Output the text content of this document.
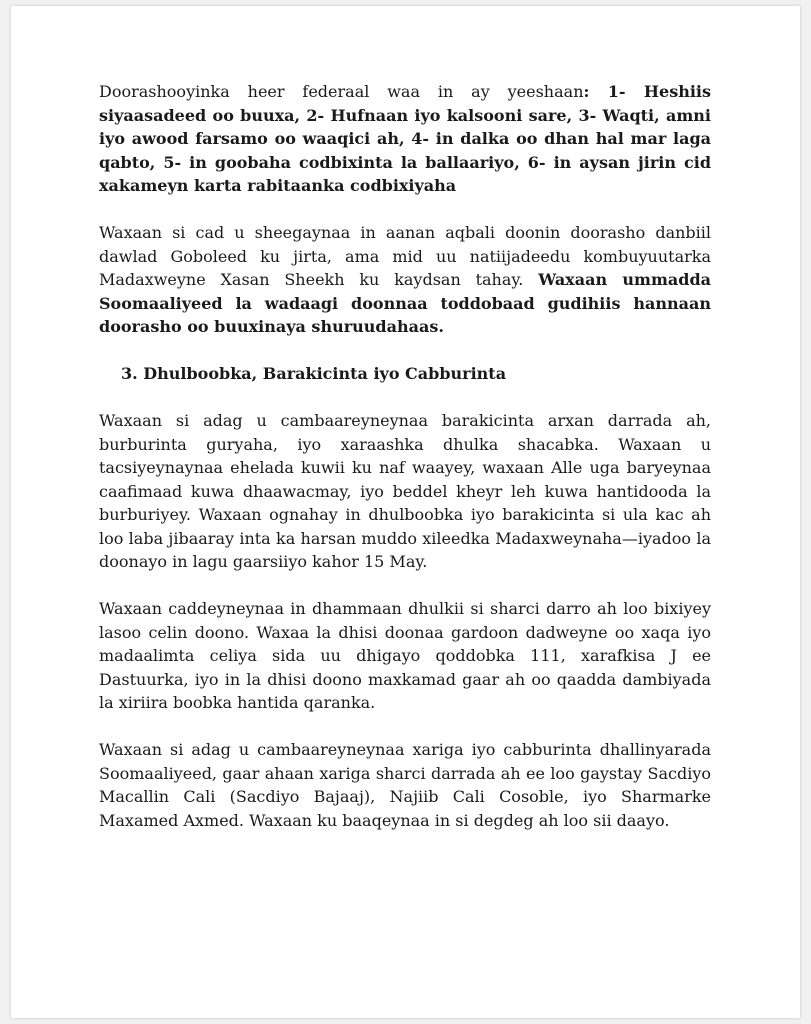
Doorashooyinka heer federaal waa in ay yeeshaan: 1- Heshiis siyaasadeed oo buuxa, 2- Hufnaan iyo kalsooni sare, 3- Waqti, amni iyo awood farsamo oo waaqici ah, 4- in dalka oo dhan hal mar laga qabto, 5- in goobaha codbixinta la ballaariyo, 6- in aysan jirin cid xakameyn karta rabitaanka codbixiyaha

Waxaan si cad u sheegaynaa in aanan aqbali doonin doorasho danbiil dawlad Goboleed ku jirta, ama mid uu natiijadeedu kombuyuutarka Madaxweyne Xasan Sheekh ku kaydsan tahay. Waxaan ummadda Soomaaliyeed la wadaagi doonnaa toddobaad gudihiis hannaan doorasho oo buuxinaya shuruudahaas.

3. Dhulboobka, Barakicinta iyo Cabburinta

Waxaan si adag u cambaareyneynaa barakicinta arxan darrada ah, burburinta guryaha, iyo xaraashka dhulka shacabka. Waxaan u tacsiyeynaynaa ehelada kuwii ku naf waayey, waxaan Alle uga baryeynaa caafimaad kuwa dhaawacmay, iyo beddel kheyr leh kuwa hantidooda la burburiyey. Waxaan ognahay in dhulboobka iyo barakicinta si ula kac ah loo laba jibaaray inta ka harsan muddo xileedka Madaxweynaha—iyadoo la doonayo in lagu gaarsiiyo kahor 15 May.

Waxaan caddeyneynaa in dhammaan dhulkii si sharci darro ah loo bixiyey lasoo celin doono. Waxaa la dhisi doonaa gardoon dadweyne oo xaqa iyo madaalimta celiya sida uu dhigayo qoddobka 111, xarafkisa J ee Dastuurka, iyo in la dhisi doono maxkamad gaar ah oo qaadda dambiyada la xiriira boobka hantida qaranka.

Waxaan si adag u cambaareyneynaa xariga iyo cabburinta dhallinyarada Soomaaliyeed, gaar ahaan xariga sharci darrada ah ee loo gaystay Sacdiyo Macallin Cali (Sacdiyo Bajaaj), Najiib Cali Cosoble, iyo Sharmarke Maxamed Axmed. Waxaan ku baaqeynaa in si degdeg ah loo sii daayo.
